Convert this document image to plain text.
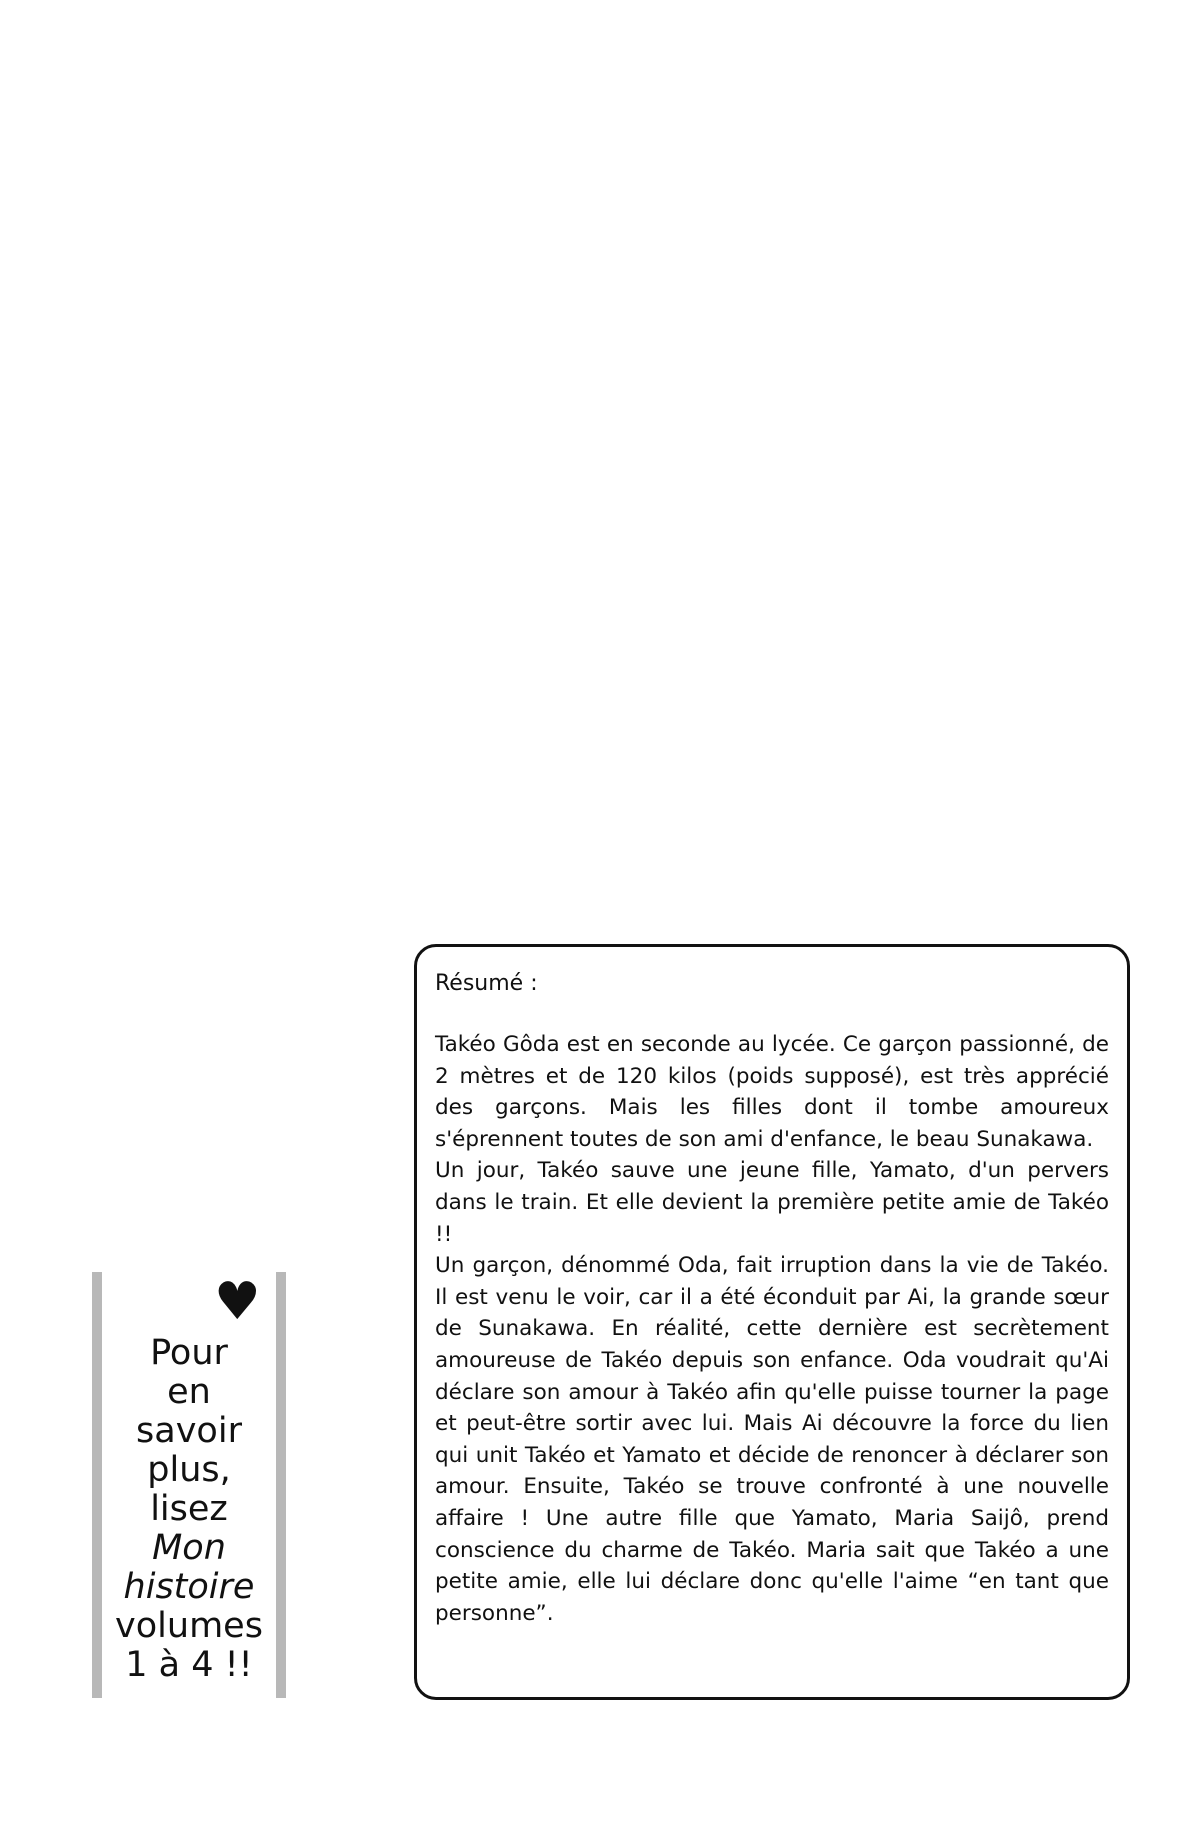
♥
Pour
en
savoir
plus,
lisez
Mon
histoire
volumes
1 à 4 !!
Résumé :

Takéo Gôda est en seconde au lycée. Ce garçon passionné, de 2 mètres et de 120 kilos (poids supposé), est très apprécié des garçons. Mais les filles dont il tombe amoureux s'éprennent toutes de son ami d'enfance, le beau Sunakawa.

Un jour, Takéo sauve une jeune fille, Yamato, d'un pervers dans le train. Et elle devient la première petite amie de Takéo !!

Un garçon, dénommé Oda, fait irruption dans la vie de Takéo. Il est venu le voir, car il a été éconduit par Ai, la grande sœur de Sunakawa. En réalité, cette dernière est secrètement amoureuse de Takéo depuis son enfance. Oda voudrait qu'Ai déclare son amour à Takéo afin qu'elle puisse tourner la page et peut-être sortir avec lui. Mais Ai découvre la force du lien qui unit Takéo et Yamato et décide de renoncer à déclarer son amour. Ensuite, Takéo se trouve confronté à une nouvelle affaire ! Une autre fille que Yamato, Maria Saijô, prend conscience du charme de Takéo. Maria sait que Takéo a une petite amie, elle lui déclare donc qu'elle l'aime “en tant que personne”.
